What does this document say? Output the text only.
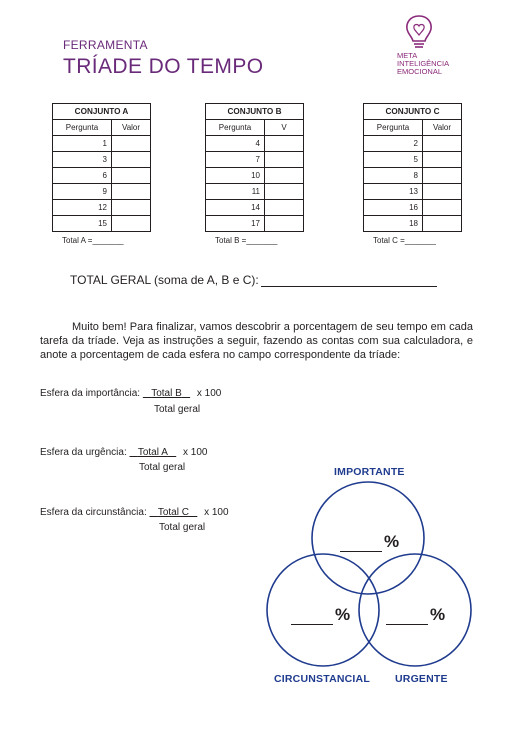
FERRAMENTA
TRÍADE DO TEMPO	META
INTELIGÊNCIA
EMOCIONAL
CONJUNTO A	
Pergunta	Valor
1	
3	
6	
9	
12	
15	
Total A =_______
CONJUNTO B	
Pergunta	V
4	
7	
10	
11	
14	
17	
Total B =_______
CONJUNTO C	
Pergunta	Valor
2	
5	
8	
13	
16	
18	
Total C =_______
TOTAL GERAL (soma de A, B e C):
Muito bem! Para finalizar, vamos descobrir a porcentagem de seu tempo em cada tarefa da tríade. Veja as instruções a seguir, fazendo as contas com sua calculadora, e anote a porcentagem de cada esfera no campo correspondente da tríade:
Esfera da importância: Total B x 100
Total geral
Esfera da urgência: Total A x 100
Total geral
Esfera da circunstância: Total C x 100
Total geral
IMPORTANTE
%
%	%
CIRCUNSTANCIAL URGENTE
